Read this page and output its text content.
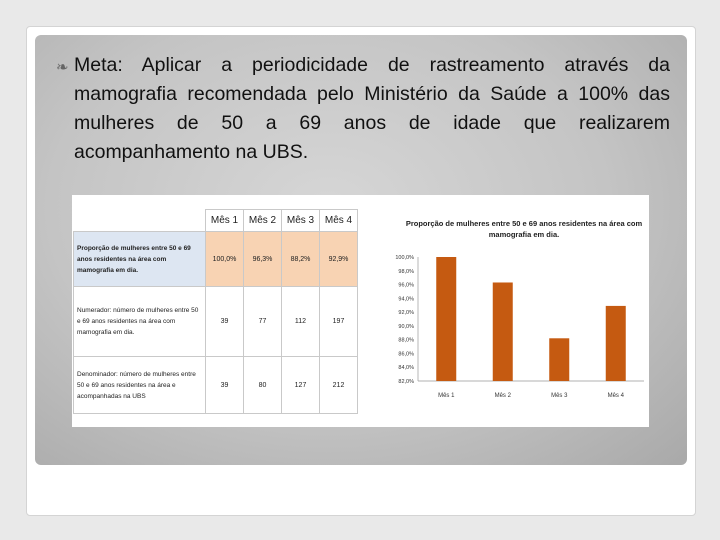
❧ Meta: Aplicar a periodicidade de rastreamento através da mamografia recomendada pelo Ministério da Saúde a 100% das mulheres de 50 a 69 anos de idade que realizarem acompanhamento na UBS.
	Mês 1	Mês 2	Mês 3	Mês 4
Proporção de mulheres entre 50 e 69 anos residentes na área com mamografia em dia.	100,0%	96,3%	88,2%	92,9%
Numerador: número de mulheres entre 50 e 69 anos residentes na área com mamografia em dia.	39	77	112	197
Denominador: número de mulheres entre 50 e 69 anos residentes na área e acompanhadas na UBS	39	80	127	212
Proporção de mulheres entre 50 e 69 anos residentes na área com mamografia em dia.
82,0%
84,0%
86,0%
88,0%
90,0%
92,0%
94,0%
96,0%
98,0%
100,0%
Mês 1	Mês 2	Mês 3	Mês 4
